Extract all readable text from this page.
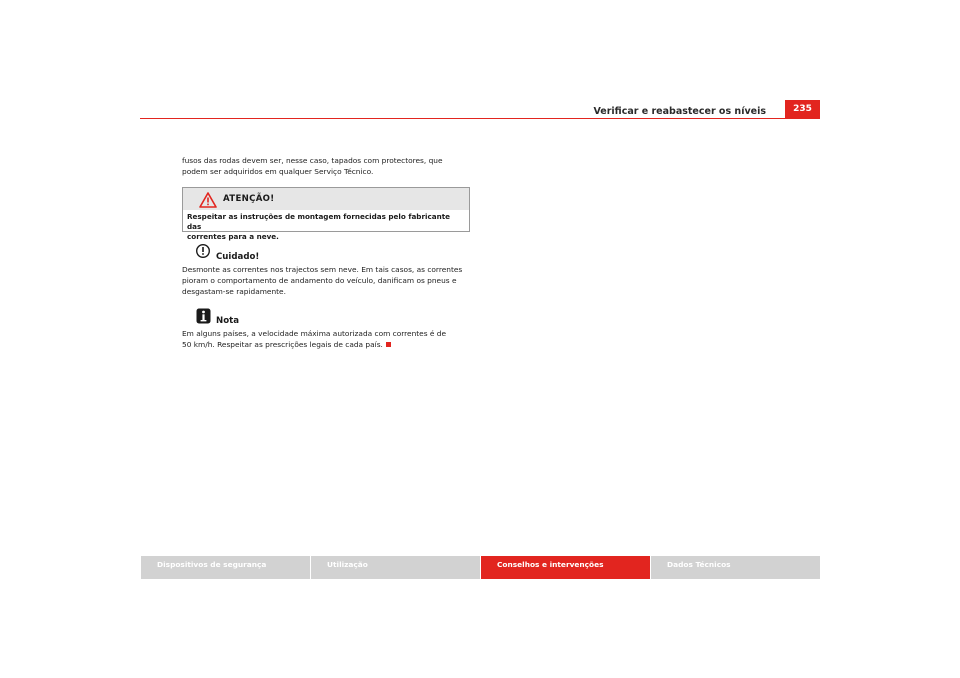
Verificar e reabastecer os níveis	235
fusos das rodas devem ser, nesse caso, tapados com protectores, que
podem ser adquiridos em qualquer Serviço Técnico.
ATENÇÃO!
Respeitar as instruções de montagem fornecidas pelo fabricante das
correntes para a neve.
Cuidado!
Desmonte as correntes nos trajectos sem neve. Em tais casos, as correntes
pioram o comportamento de andamento do veículo, danificam os pneus e
desgastam-se rapidamente.
Nota
Em alguns países, a velocidade máxima autorizada com correntes é de
50 km/h. Respeitar as prescrições legais de cada país.
Dispositivos de segurança	Utilização	Conselhos e intervenções	Dados Técnicos
